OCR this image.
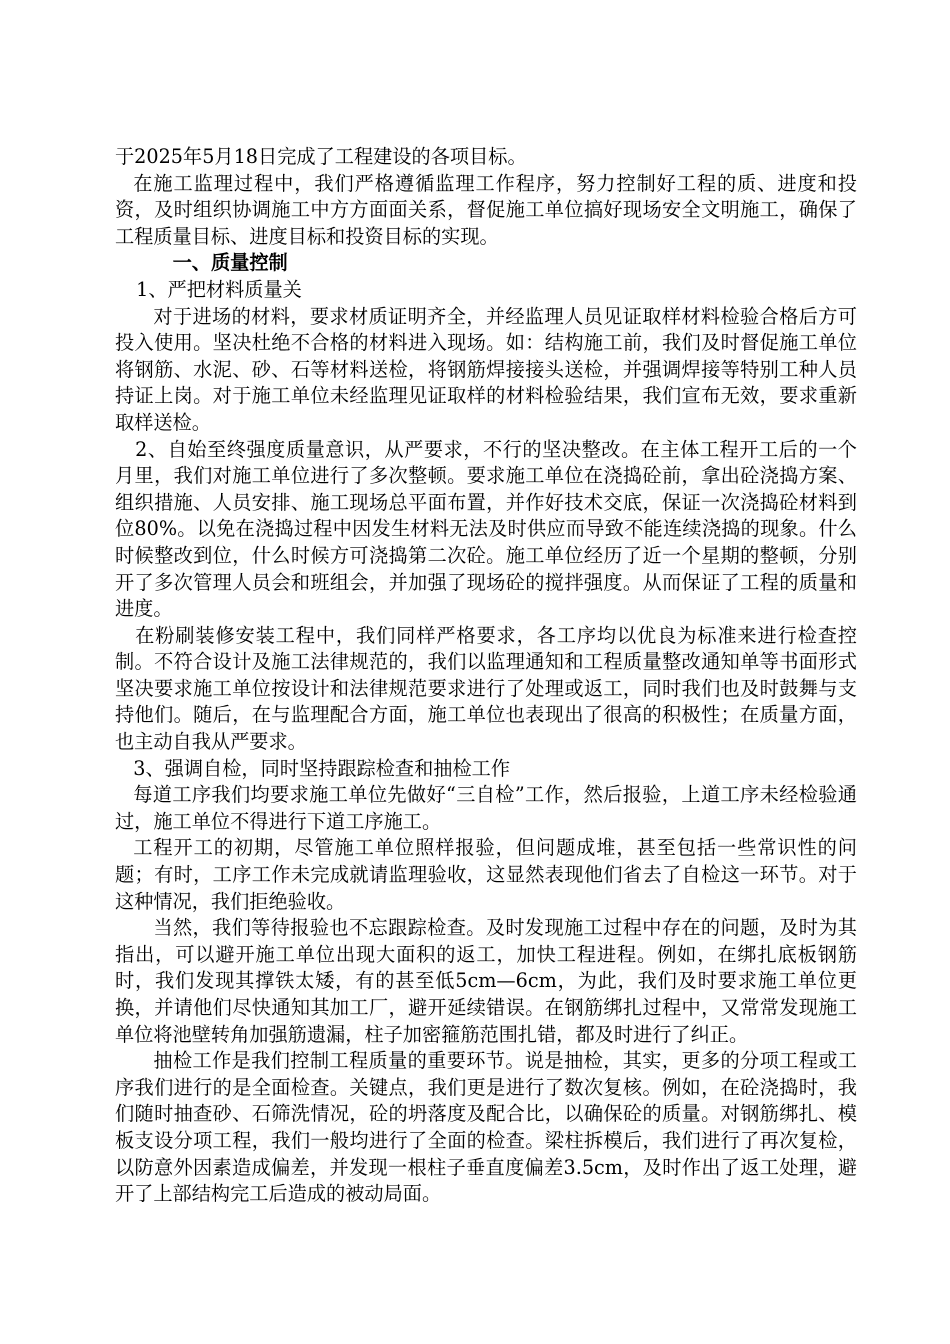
于2025年5月18日完成了工程建设的各项目标。

在施工监理过程中，我们严格遵循监理工作程序，努力控制好工程的质、进度和投资，及时组织协调施工中方方面面关系，督促施工单位搞好现场安全文明施工，确保了工程质量目标、进度目标和投资目标的实现。

一、质量控制

1、严把材料质量关

对于进场的材料，要求材质证明齐全，并经监理人员见证取样材料检验合格后方可投入使用。坚决杜绝不合格的材料进入现场。如：结构施工前，我们及时督促施工单位将钢筋、水泥、砂、石等材料送检，将钢筋焊接接头送检，并强调焊接等特别工种人员持证上岗。对于施工单位未经监理见证取样的材料检验结果，我们宣布无效，要求重新取样送检。

2、自始至终强度质量意识，从严要求，不行的坚决整改。在主体工程开工后的一个月里，我们对施工单位进行了多次整顿。要求施工单位在浇捣砼前，拿出砼浇捣方案、组织措施、人员安排、施工现场总平面布置，并作好技术交底，保证一次浇捣砼材料到位80%。以免在浇捣过程中因发生材料无法及时供应而导致不能连续浇捣的现象。什么时候整改到位，什么时候方可浇捣第二次砼。施工单位经历了近一个星期的整顿，分别开了多次管理人员会和班组会，并加强了现场砼的搅拌强度。从而保证了工程的质量和进度。

在粉刷装修安装工程中，我们同样严格要求，各工序均以优良为标准来进行检查控制。不符合设计及施工法律规范的，我们以监理通知和工程质量整改通知单等书面形式坚决要求施工单位按设计和法律规范要求进行了处理或返工，同时我们也及时鼓舞与支持他们。随后，在与监理配合方面，施工单位也表现出了很高的积极性；在质量方面，也主动自我从严要求。

3、强调自检，同时坚持跟踪检查和抽检工作

每道工序我们均要求施工单位先做好“三自检”工作，然后报验，上道工序未经检验通过，施工单位不得进行下道工序施工。

工程开工的初期，尽管施工单位照样报验，但问题成堆，甚至包括一些常识性的问题；有时，工序工作未完成就请监理验收，这显然表现他们省去了自检这一环节。对于这种情况，我们拒绝验收。

当然，我们等待报验也不忘跟踪检查。及时发现施工过程中存在的问题，及时为其指出，可以避开施工单位出现大面积的返工，加快工程进程。例如，在绑扎底板钢筋时，我们发现其撑铁太矮，有的甚至低5cm—6cm，为此，我们及时要求施工单位更换，并请他们尽快通知其加工厂，避开延续错误。在钢筋绑扎过程中，又常常发现施工单位将池壁转角加强筋遗漏，柱子加密箍筋范围扎错，都及时进行了纠正。

抽检工作是我们控制工程质量的重要环节。说是抽检，其实，更多的分项工程或工序我们进行的是全面检查。关键点，我们更是进行了数次复核。例如，在砼浇捣时，我们随时抽查砂、石筛洗情况，砼的坍落度及配合比，以确保砼的质量。对钢筋绑扎、模板支设分项工程，我们一般均进行了全面的检查。梁柱拆模后，我们进行了再次复检，以防意外因素造成偏差，并发现一根柱子垂直度偏差3.5cm，及时作出了返工处理，避开了上部结构完工后造成的被动局面。
